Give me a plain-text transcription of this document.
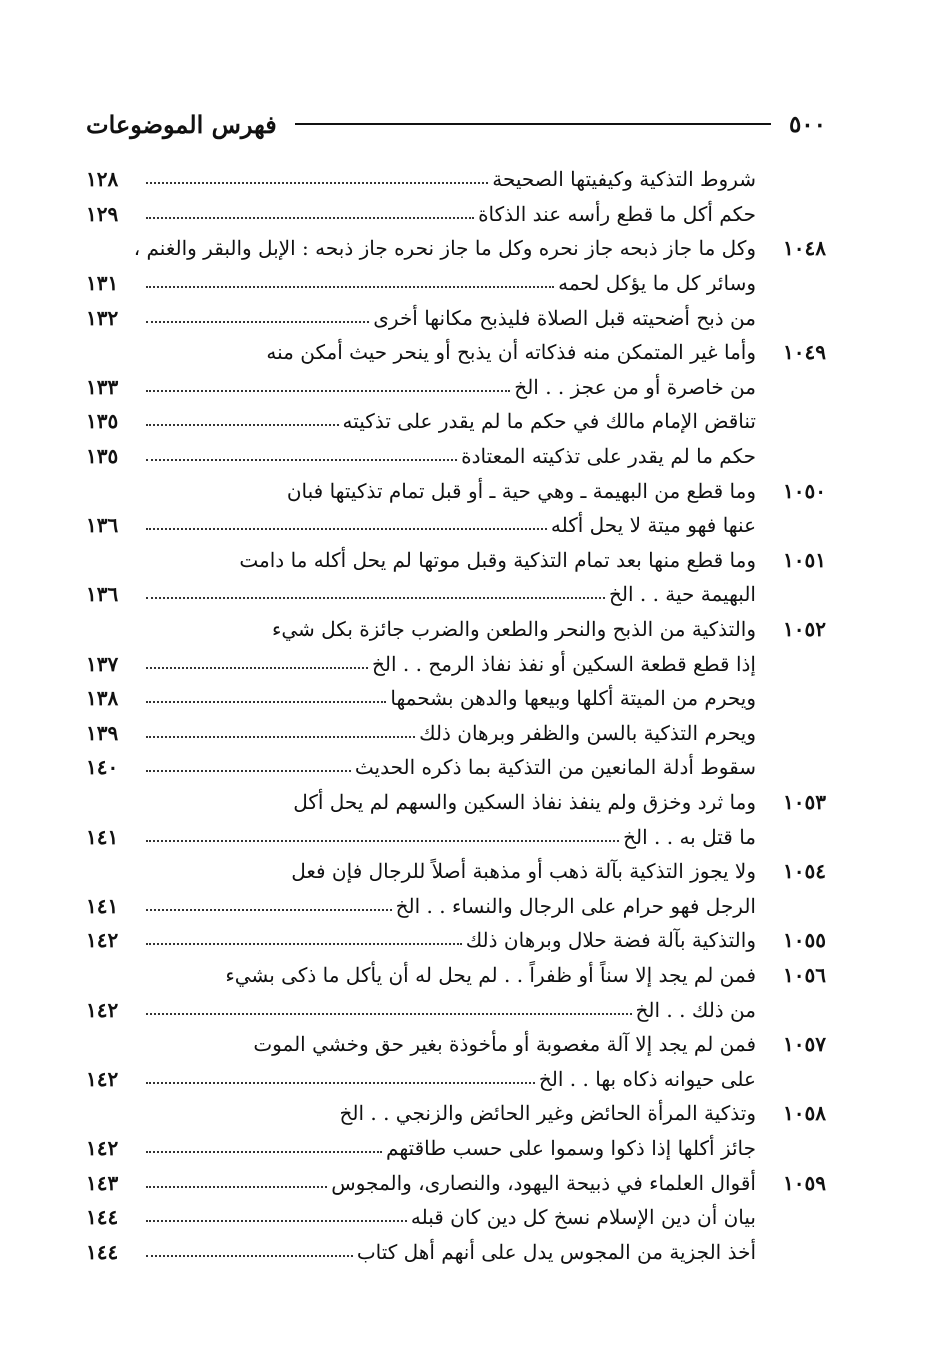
٥٠٠
فهرس الموضوعات
شروط التذكية وكيفيتها الصحيحة
١٢٨
حكم أكل ما قطع رأسه عند الذكاة
١٢٩
١٠٤٨
وكل ما جاز ذبحه جاز نحره وكل ما جاز نحره جاز ذبحه : الإبل والبقر والغنم ،
وسائر كل ما يؤكل لحمه
١٣١
من ذبح أضحيته قبل الصلاة فليذبح مكانها أخرى
١٣٢
١٠٤٩
وأما غير المتمكن منه فذكاته أن يذبح أو ينحر حيث أمكن منه
من خاصرة أو من عجز . . الخ
١٣٣
تناقض الإمام مالك في حكم ما لم يقدر على تذكيته
١٣٥
حكم ما لم يقدر على تذكيته المعتادة
١٣٥
١٠٥٠
وما قطع من البهيمة ـ وهي حية ـ أو قبل تمام تذكيتها فبان
عنها فهو ميتة لا يحل أكله
١٣٦
١٠٥١
وما قطع منها بعد تمام التذكية وقبل موتها لم يحل أكله ما دامت
البهيمة حية . . الخ
١٣٦
١٠٥٢
والتذكية من الذبح والنحر والطعن والضرب جائزة بكل شيء
إذا قطع قطعة السكين أو نفذ نفاذ الرمح . . الخ
١٣٧
ويحرم من الميتة أكلها وبيعها والدهن بشحمها
١٣٨
ويحرم التذكية بالسن والظفر وبرهان ذلك
١٣٩
سقوط أدلة المانعين من التذكية بما ذكره الحديث
١٤٠
١٠٥٣
وما ثرد وخزق ولم ينفذ نفاذ السكين والسهم لم يحل أكل
ما قتل به . . الخ
١٤١
١٠٥٤
ولا يجوز التذكية بآلة ذهب أو مذهبة أصلاً للرجال فإن فعل
الرجل فهو حرام على الرجال والنساء . . الخ
١٤١
١٠٥٥
والتذكية بآلة فضة حلال وبرهان ذلك
١٤٢
١٠٥٦
فمن لم يجد إلا سناً أو ظفراً . . لم يحل له أن يأكل ما ذكى بشيء
من ذلك . . الخ
١٤٢
١٠٥٧
فمن لم يجد إلا آلة مغصوبة أو مأخوذة بغير حق وخشي الموت
على حيوانه ذكاه بها . . الخ
١٤٢
١٠٥٨
وتذكية المرأة الحائض وغير الحائض والزنجي . . الخ
جائز أكلها إذا ذكوا وسموا على حسب طاقتهم
١٤٢
١٠٥٩
أقوال العلماء في ذبيحة اليهود، والنصارى، والمجوس
١٤٣
بيان أن دين الإسلام نسخ كل دين كان قبله
١٤٤
أخذ الجزية من المجوس يدل على أنهم أهل كتاب
١٤٤
